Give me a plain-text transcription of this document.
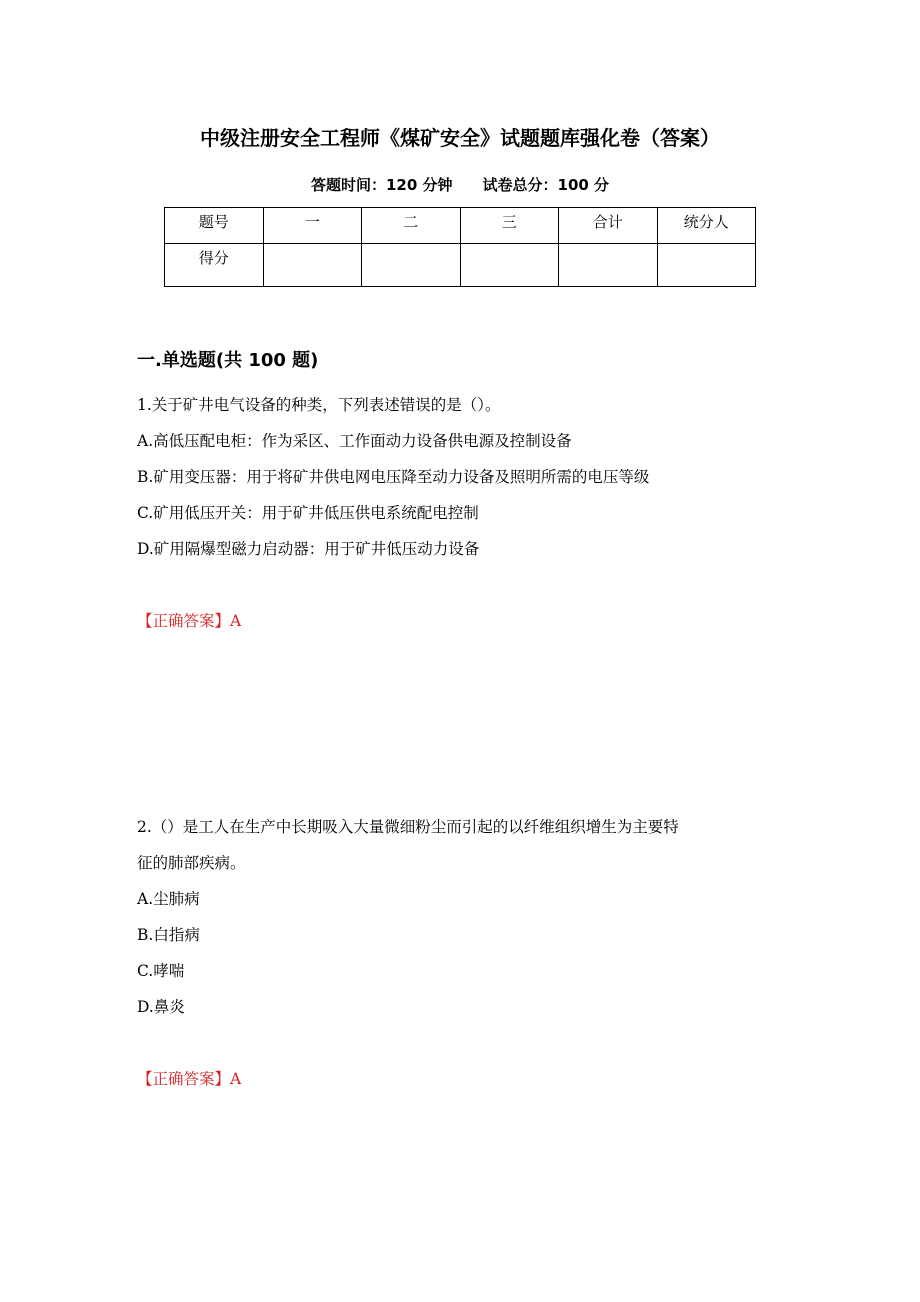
中级注册安全工程师《煤矿安全》试题题库强化卷（答案）
答题时间：120 分钟 试卷总分：100 分
题号	一	二	三	合计	统分人
得分					
一.单选题(共 100 题)
1.关于矿井电气设备的种类，下列表述错误的是（）。
A.高低压配电柜：作为采区、工作面动力设备供电源及控制设备
B.矿用变压器：用于将矿井供电网电压降至动力设备及照明所需的电压等级
C.矿用低压开关：用于矿井低压供电系统配电控制
D.矿用隔爆型磁力启动器：用于矿井低压动力设备
【正确答案】A
2.（）是工人在生产中长期吸入大量微细粉尘而引起的以纤维组织增生为主要特
征的肺部疾病。
A.尘肺病
B.白指病
C.哮喘
D.鼻炎
【正确答案】A
